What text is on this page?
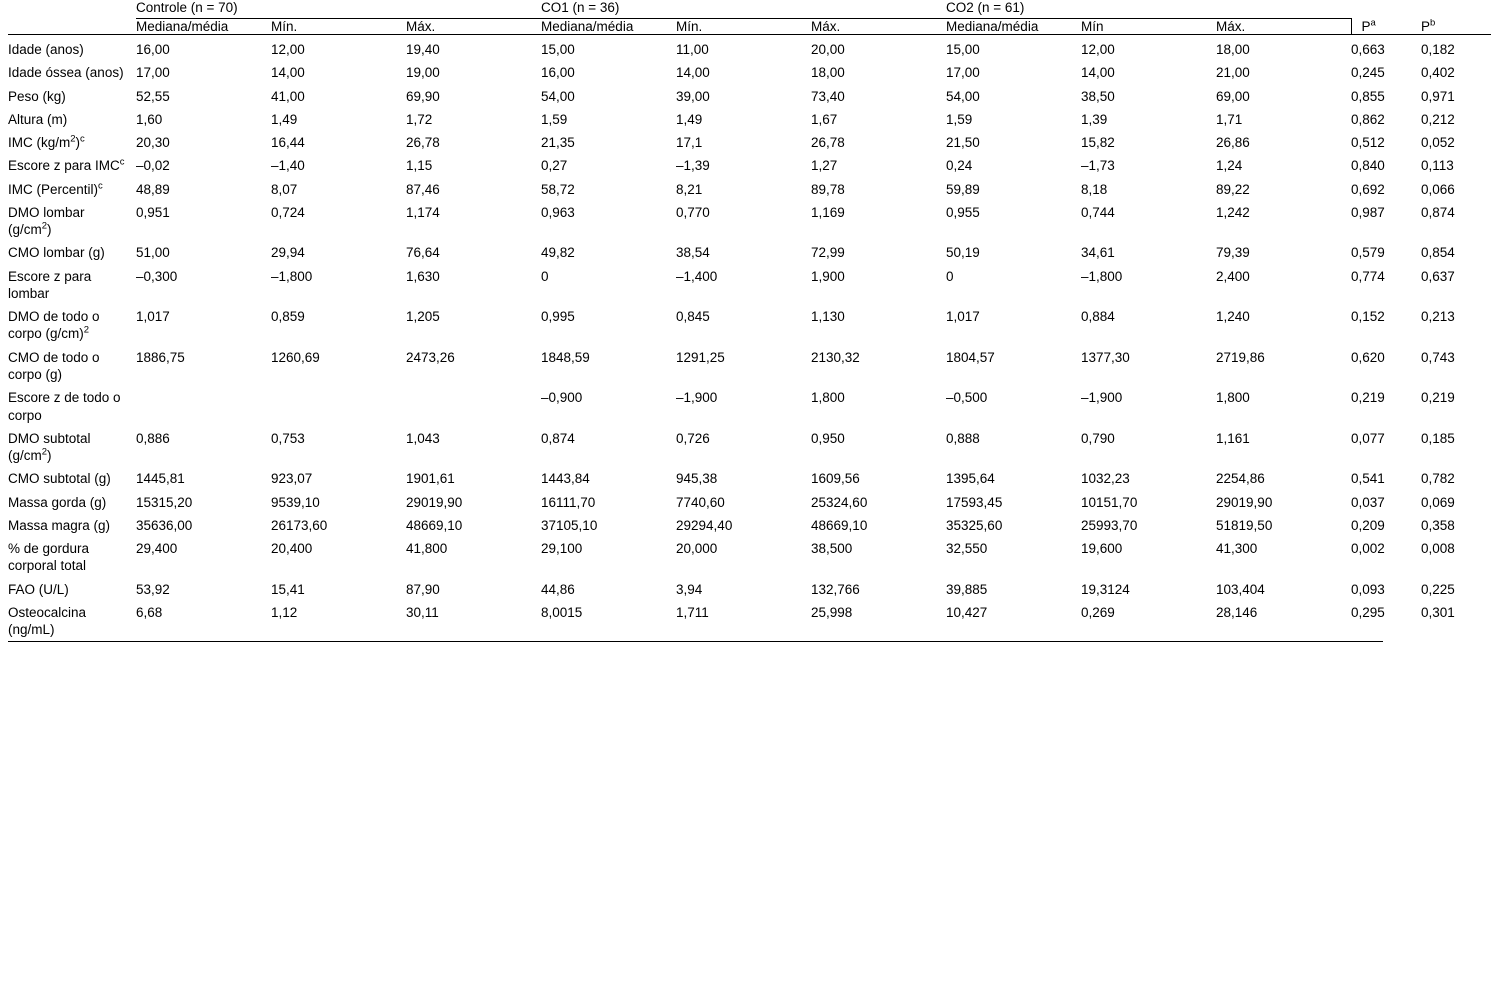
	Controle (n = 70)			CO1 (n = 36)			CO2 (n = 61)				
	Mediana/média	Mín.	Máx.	Mediana/média	Mín.	Máx.	Mediana/média	Mín	Máx.	$P^a$	$P^b$
Idade (anos)	16,00	12,00	19,40	15,00	11,00	20,00	15,00	12,00	18,00	0,663	0,182
Idade óssea (anos)	17,00	14,00	19,00	16,00	14,00	18,00	17,00	14,00	21,00	0,245	0,402
Peso (kg)	52,55	41,00	69,90	54,00	39,00	73,40	54,00	38,50	69,00	0,855	0,971
Altura (m)	1,60	1,49	1,72	1,59	1,49	1,67	1,59	1,39	1,71	0,862	0,212
IMC $(kg/m^2)^c$	20,30	16,44	26,78	21,35	17,1	26,78	21,50	15,82	26,86	0,512	0,052
Escore z para IMC$^c$	–0,02	–1,40	1,15	0,27	–1,39	1,27	0,24	–1,73	1,24	0,840	0,113
IMC (Percentil)$^c$	48,89	8,07	87,46	58,72	8,21	89,78	59,89	8,18	89,22	0,692	0,066
DMO lombar $(g/cm^2)$	0,951	0,724	1,174	0,963	0,770	1,169	0,955	0,744	1,242	0,987	0,874
CMO lombar (g)	51,00	29,94	76,64	49,82	38,54	72,99	50,19	34,61	79,39	0,579	0,854
Escore z para lombar	–0,300	–1,800	1,630	0	–1,400	1,900	0	–1,800	2,400	0,774	0,637
DMO de todo o corpo $(g/cm)^2$	1,017	0,859	1,205	0,995	0,845	1,130	1,017	0,884	1,240	0,152	0,213
CMO de todo o corpo (g)	1886,75	1260,69	2473,26	1848,59	1291,25	2130,32	1804,57	1377,30	2719,86	0,620	0,743
Escore z de todo o corpo				–0,900	–1,900	1,800	–0,500	–1,900	1,800	0,219	0,219
DMO subtotal $(g/cm^2)$	0,886	0,753	1,043	0,874	0,726	0,950	0,888	0,790	1,161	0,077	0,185
CMO subtotal (g)	1445,81	923,07	1901,61	1443,84	945,38	1609,56	1395,64	1032,23	2254,86	0,541	0,782
Massa gorda (g)	15315,20	9539,10	29019,90	16111,70	7740,60	25324,60	17593,45	10151,70	29019,90	0,037	0,069
Massa magra (g)	35636,00	26173,60	48669,10	37105,10	29294,40	48669,10	35325,60	25993,70	51819,50	0,209	0,358
% de gordura corporal total	29,400	20,400	41,800	29,100	20,000	38,500	32,550	19,600	41,300	0,002	0,008
FAO (U/L)	53,92	15,41	87,90	44,86	3,94	132,766	39,885	19,3124	103,404	0,093	0,225
Osteocalcina (ng/mL)	6,68	1,12	30,11	8,0015	1,711	25,998	10,427	0,269	28,146	0,295	0,301
